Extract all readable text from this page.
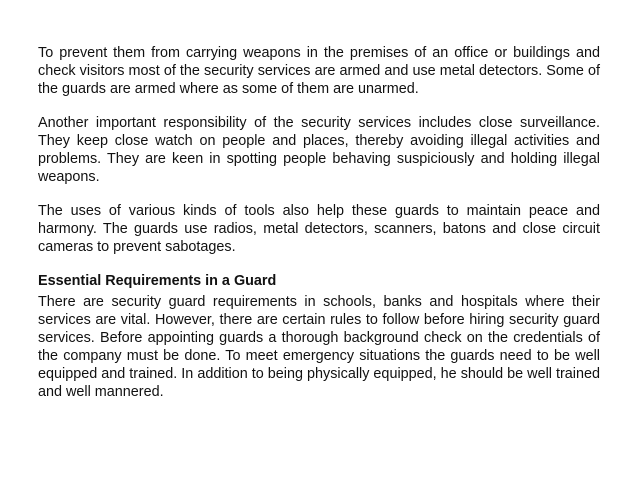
To prevent them from carrying weapons in the premises of an office or buildings and check visitors most of the security services are armed and use metal detectors. Some of the guards are armed where as some of them are unarmed.

Another important responsibility of the security services includes close surveillance. They keep close watch on people and places, thereby avoiding illegal activities and problems. They are keen in spotting people behaving suspiciously and holding illegal weapons.

The uses of various kinds of tools also help these guards to maintain peace and harmony. The guards use radios, metal detectors, scanners, batons and close circuit cameras to prevent sabotages.

Essential Requirements in a Guard

There are security guard requirements in schools, banks and hospitals where their services are vital. However, there are certain rules to follow before hiring security guard services. Before appointing guards a thorough background check on the credentials of the company must be done. To meet emergency situations the guards need to be well equipped and trained. In addition to being physically equipped, he should be well trained and well mannered.
